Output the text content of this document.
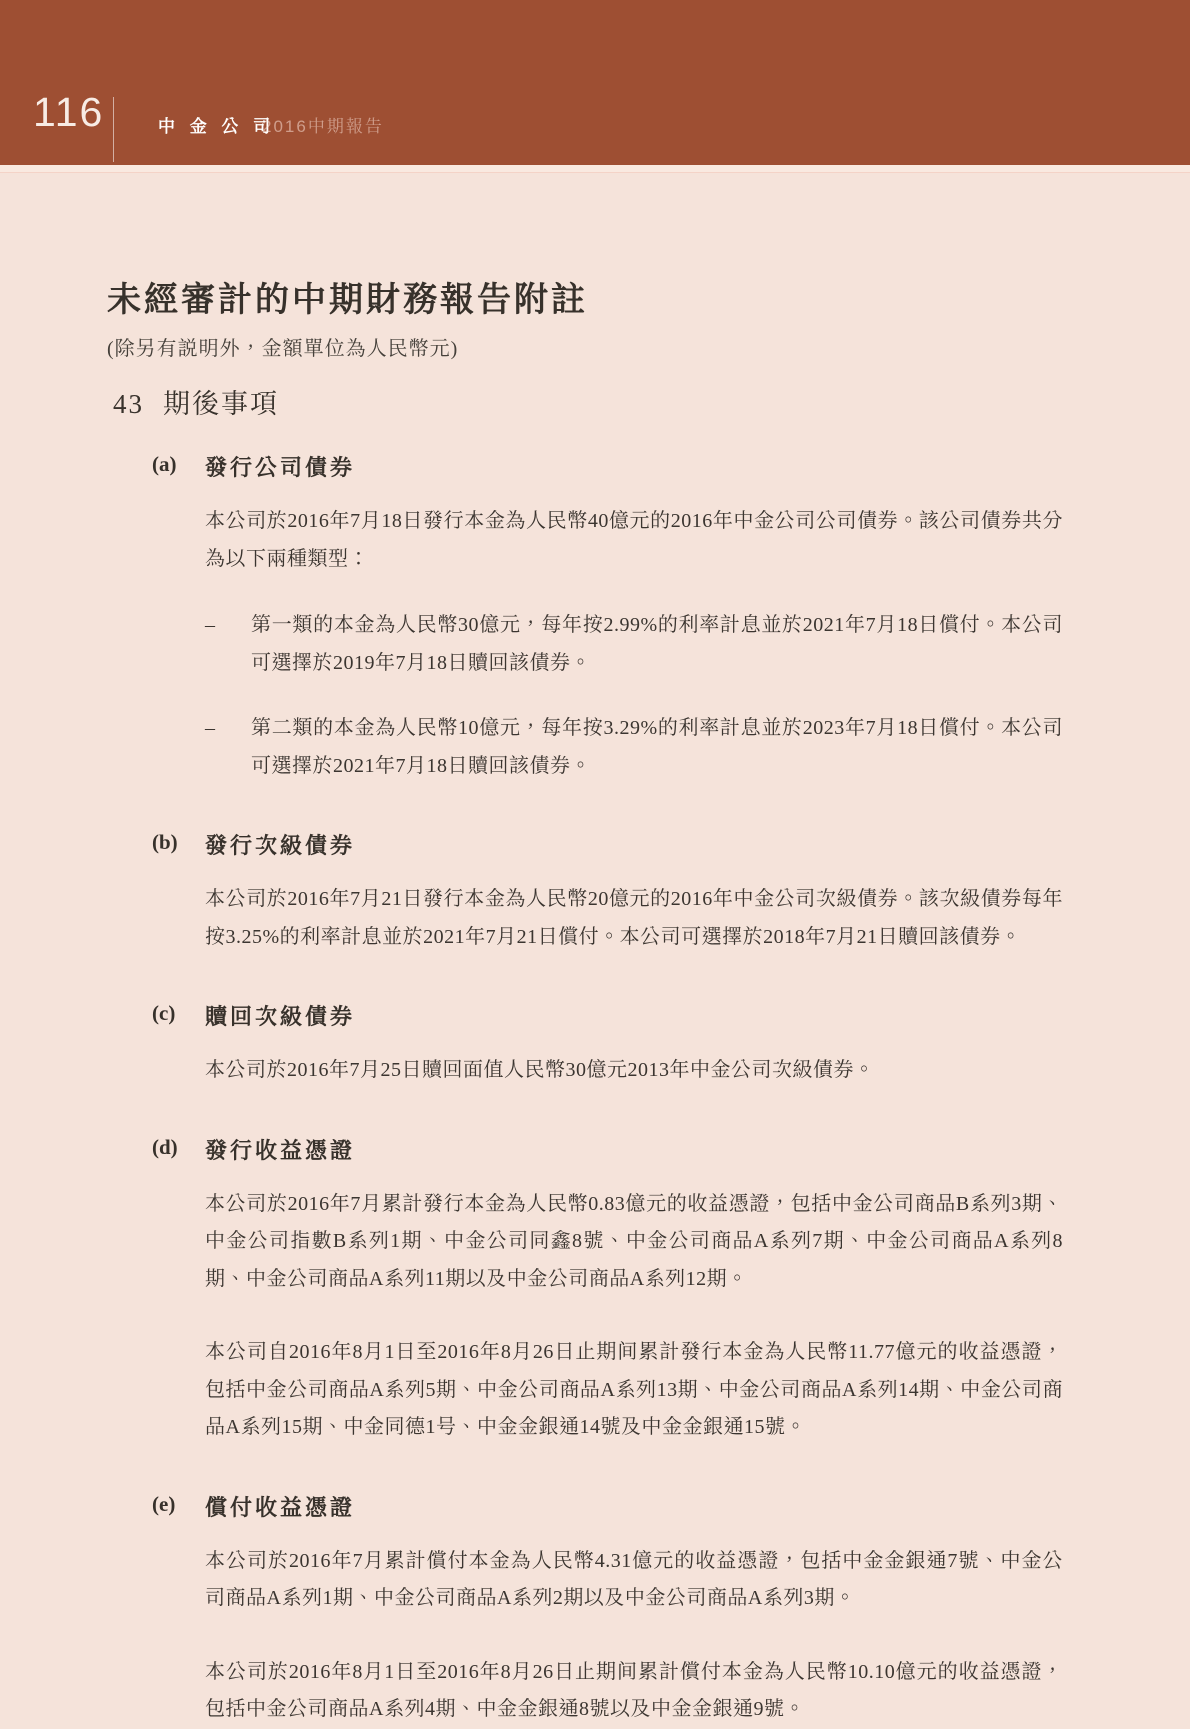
116	中 金 公 司
2016中期報告
未經審計的中期財務報告附註

(除另有説明外，金額單位為人民幣元)

43 期後事項
(a)	發行公司債券

本公司於2016年7月18日發行本金為人民幣40億元的2016年中金公司公司債券。該公司債券共分為以下兩種類型：

–	第一類的本金為人民幣30億元，每年按2.99%的利率計息並於2021年7月18日償付。本公司可選擇於2019年7月18日贖回該債券。

–	第二類的本金為人民幣10億元，每年按3.29%的利率計息並於2023年7月18日償付。本公司可選擇於2021年7月18日贖回該債券。

(b)	發行次級債券

本公司於2016年7月21日發行本金為人民幣20億元的2016年中金公司次級債券。該次級債券每年按3.25%的利率計息並於2021年7月21日償付。本公司可選擇於2018年7月21日贖回該債券。

(c)	贖回次級債券

本公司於2016年7月25日贖回面值人民幣30億元2013年中金公司次級債券。

(d)	發行收益憑證

本公司於2016年7月累計發行本金為人民幣0.83億元的收益憑證，包括中金公司商品B系列3期、中金公司指數B系列1期、中金公司同鑫8號、中金公司商品A系列7期、中金公司商品A系列8期、中金公司商品A系列11期以及中金公司商品A系列12期。

本公司自2016年8月1日至2016年8月26日止期间累計發行本金為人民幣11.77億元的收益憑證，包括中金公司商品A系列5期、中金公司商品A系列13期、中金公司商品A系列14期、中金公司商品A系列15期、中金同德1号、中金金銀通14號及中金金銀通15號。

(e)	償付收益憑證

本公司於2016年7月累計償付本金為人民幣4.31億元的收益憑證，包括中金金銀通7號、中金公司商品A系列1期、中金公司商品A系列2期以及中金公司商品A系列3期。

本公司於2016年8月1日至2016年8月26日止期间累計償付本金為人民幣10.10億元的收益憑證，包括中金公司商品A系列4期、中金金銀通8號以及中金金銀通9號。
